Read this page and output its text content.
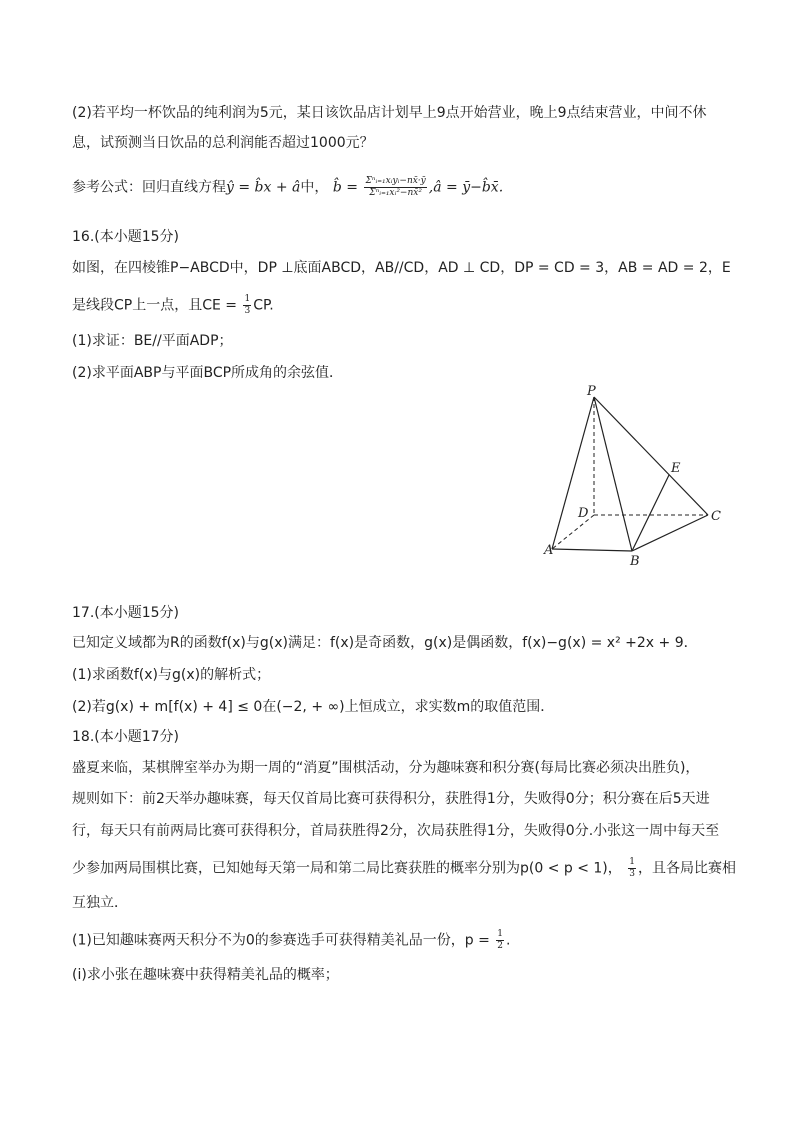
(2)若平均一杯饮品的纯利润为5元，某日该饮品店计划早上9点开始营业，晚上9点结束营业，中间不休
息，试预测当日饮品的总利润能否超过1000元？
参考公式：回归直线方程ŷ = b̂x + â中， b̂ = $\frac{\text{Σⁿᵢ₌₁xᵢyᵢ−nx̄·ȳ}}{\text{Σⁿᵢ₌₁xᵢ²−nx̄²}}$ ,â = ȳ−b̂x̄.
16.(本小题15分)
如图，在四棱锥P−ABCD中，DP ⊥底面ABCD，AB//CD，AD ⊥ CD，DP = CD = 3，AB = AD = 2，E
是线段CP上一点，且CE = $\frac{1}{3}$ CP.
(1)求证：BE//平面ADP；
(2)求平面ABP与平面BCP所成角的余弦值．
P
E
D	C
A
B
17.(本小题15分)
已知定义域都为R的函数f(x)与g(x)满足：f(x)是奇函数，g(x)是偶函数，f(x)−g(x) = x² +2x + 9．
(1)求函数f(x)与g(x)的解析式；
(2)若g(x) + m[f(x) + 4] ≤ 0在(−2, + ∞)上恒成立，求实数m的取值范围．
18.(本小题17分)
盛夏来临，某棋牌室举办为期一周的“消夏”围棋活动，分为趣味赛和积分赛(每局比赛必须决出胜负)，
规则如下：前2天举办趣味赛，每天仅首局比赛可获得积分，获胜得1分，失败得0分；积分赛在后5天进
行，每天只有前两局比赛可获得积分，首局获胜得2分，次局获胜得1分，失败得0分.小张这一周中每天至
少参加两局围棋比赛，已知她每天第一局和第二局比赛获胜的概率分别为p(0 < p < 1)， $\frac{1}{3}$ ，且各局比赛相
互独立．
(1)已知趣味赛两天积分不为0的参赛选手可获得精美礼品一份，$p = \frac{1}{2}$ .
(i)求小张在趣味赛中获得精美礼品的概率；
